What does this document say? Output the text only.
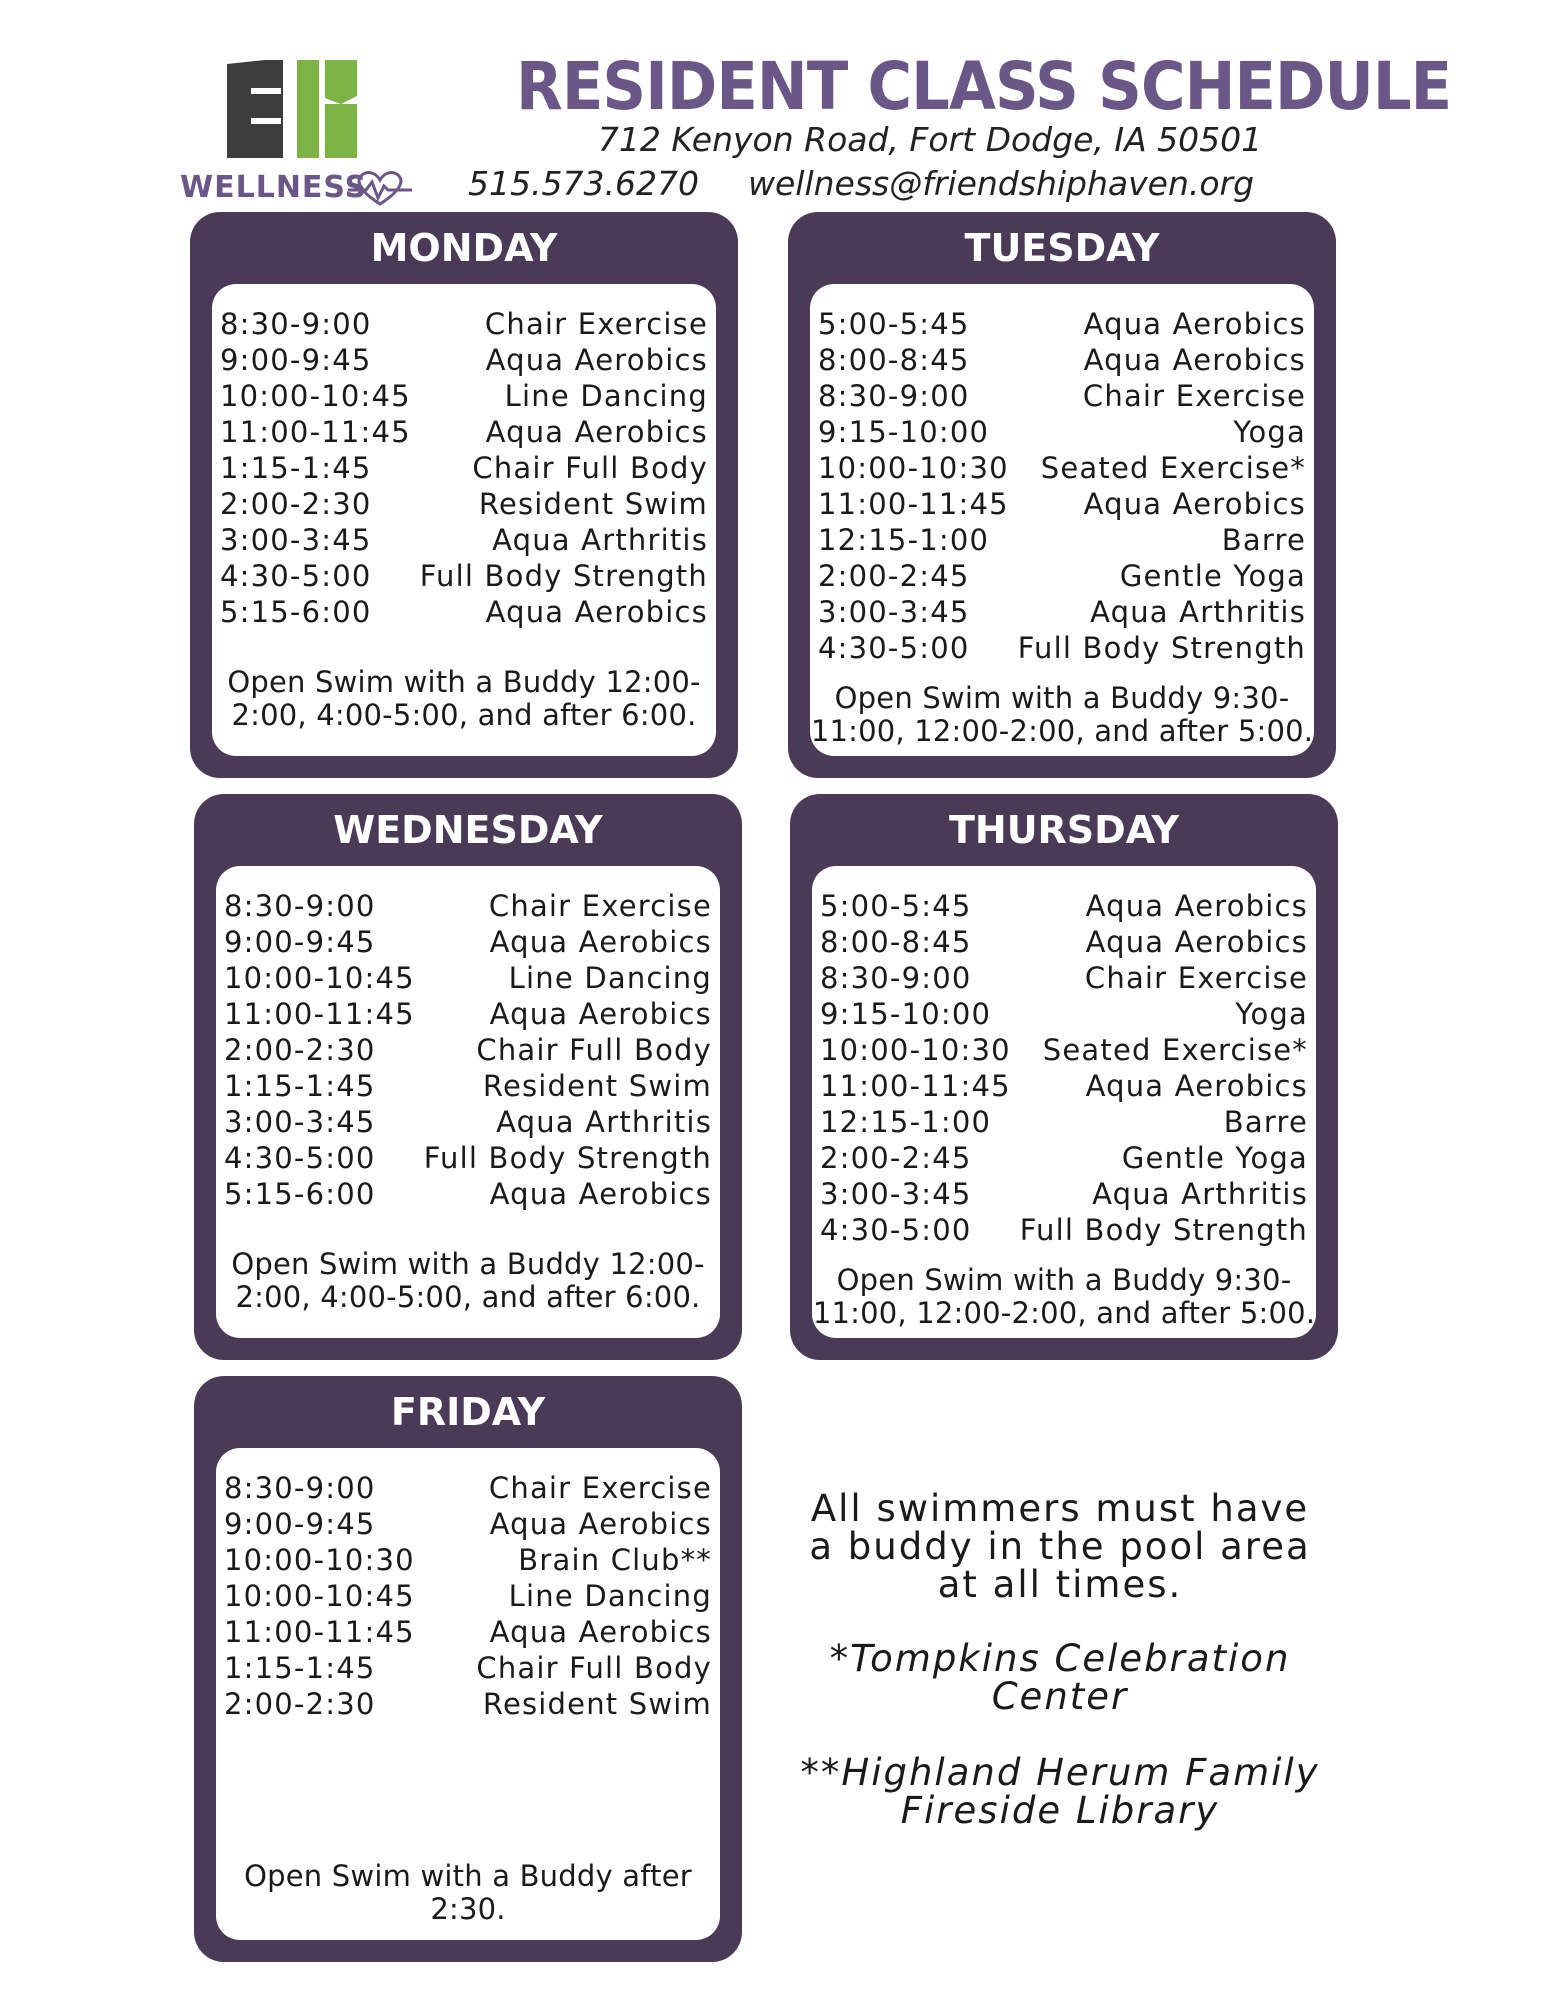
WELLNESS
RESIDENT CLASS SCHEDULE
712 Kenyon Road, Fort Dodge, IA 50501
515.573.6270 wellness@friendshiphaven.org
MONDAY
8:30-9:00	Chair Exercise
9:00-9:45	Aqua Aerobics
10:00-10:45	Line Dancing
11:00-11:45	Aqua Aerobics
1:15-1:45	Chair Full Body
2:00-2:30	Resident Swim
3:00-3:45	Aqua Arthritis
4:30-5:00 Full Body Strength
5:15-6:00	Aqua Aerobics
Open Swim with a Buddy 12:00-
2:00, 4:00-5:00, and after 6:00.
TUESDAY
5:00-5:45	Aqua Aerobics
8:00-8:45	Aqua Aerobics
8:30-9:00	Chair Exercise
9:15-10:00	Yoga
10:00-10:30 Seated Exercise*
11:00-11:45	Aqua Aerobics
12:15-1:00	Barre
2:00-2:45	Gentle Yoga
3:00-3:45	Aqua Arthritis
4:30-5:00 Full Body Strength
Open Swim with a Buddy 9:30-
11:00, 12:00-2:00, and after 5:00.
WEDNESDAY
8:30-9:00	Chair Exercise
9:00-9:45	Aqua Aerobics
10:00-10:45	Line Dancing
11:00-11:45	Aqua Aerobics
2:00-2:30	Chair Full Body
1:15-1:45	Resident Swim
3:00-3:45	Aqua Arthritis
4:30-5:00 Full Body Strength
5:15-6:00	Aqua Aerobics
Open Swim with a Buddy 12:00-
2:00, 4:00-5:00, and after 6:00.
THURSDAY
5:00-5:45	Aqua Aerobics
8:00-8:45	Aqua Aerobics
8:30-9:00	Chair Exercise
9:15-10:00	Yoga
10:00-10:30 Seated Exercise*
11:00-11:45	Aqua Aerobics
12:15-1:00	Barre
2:00-2:45	Gentle Yoga
3:00-3:45	Aqua Arthritis
4:30-5:00 Full Body Strength
Open Swim with a Buddy 9:30-
11:00, 12:00-2:00, and after 5:00.
FRIDAY
8:30-9:00	Chair Exercise
9:00-9:45	Aqua Aerobics
10:00-10:30	Brain Club**
10:00-10:45	Line Dancing
11:00-11:45	Aqua Aerobics
1:15-1:45	Chair Full Body
2:00-2:30	Resident Swim
Open Swim with a Buddy after
2:30.
All swimmers must have
a buddy in the pool area
at all times.
*Tompkins Celebration
Center
**Highland Herum Family
Fireside Library
